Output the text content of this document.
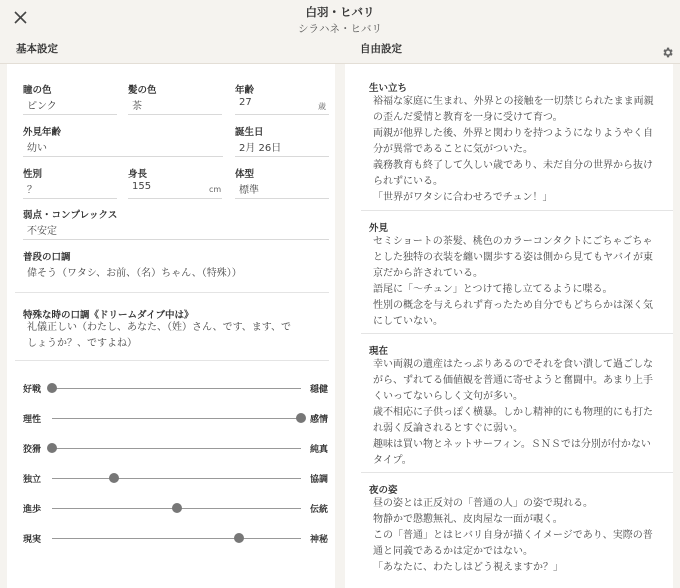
白羽・ヒバリ
シラハネ・ヒバリ
基本設定	自由設定
瞳の色
ピンク
髪の色
茶
年齢
27	歳
外見年齢
幼い
誕生日
2月 26日
性別
？
身長
155	cm
体型
標準
弱点・コンプレックス
不安定
普段の口調
偉そう（ワタシ、お前、（名）ちゃん、（特殊））
特殊な時の口調《ドリームダイブ中は》
礼儀正しい（わたし、あなた、（姓）さん、です、ます、で
しょうか？、ですよね）
好戦	穏健
理性	感情
狡猾	純真
独立	協調
進歩	伝統
現実	神秘
生い立ち
裕福な家庭に生まれ、外界との接触を一切禁じられたまま両親
の歪んだ愛情と教育を一身に受けて育つ。
両親が他界した後、外界と関わりを持つようになりようやく自
分が異常であることに気がついた。
義務教育も終了して久しい歳であり、未だ自分の世界から抜け
られずにいる。
「世界がワタシに合わせろでチュン！」
外見
セミショートの茶髪、桃色のカラーコンタクトにごちゃごちゃ
とした独特の衣装を纏い闊歩する姿は側から見てもヤバイが東
京だから許されている。
語尾に「〜チュン」とつけて捲し立てるように喋る。
性別の概念を与えられず育ったため自分でもどちらかは深く気
にしていない。
現在
幸い両親の遺産はたっぷりあるのでそれを食い潰して過ごしな
がら、ずれてる価値観を普通に寄せようと奮闘中。あまり上手
くいってないらしく文句が多い。
歳不相応に子供っぽく横暴。しかし精神的にも物理的にも打た
れ弱く反論されるとすぐに弱い。
趣味は買い物とネットサーフィン。ＳＮＳでは分別が付かない
タイプ。
夜の姿
昼の姿とは正反対の「普通の人」の姿で現れる。
物静かで慇懃無礼、皮肉屋な一面が覗く。
この「普通」とはヒバリ自身が描くイメージであり、実際の普
通と同義であるかは定かではない。
「あなたに、わたしはどう視えますか？」
